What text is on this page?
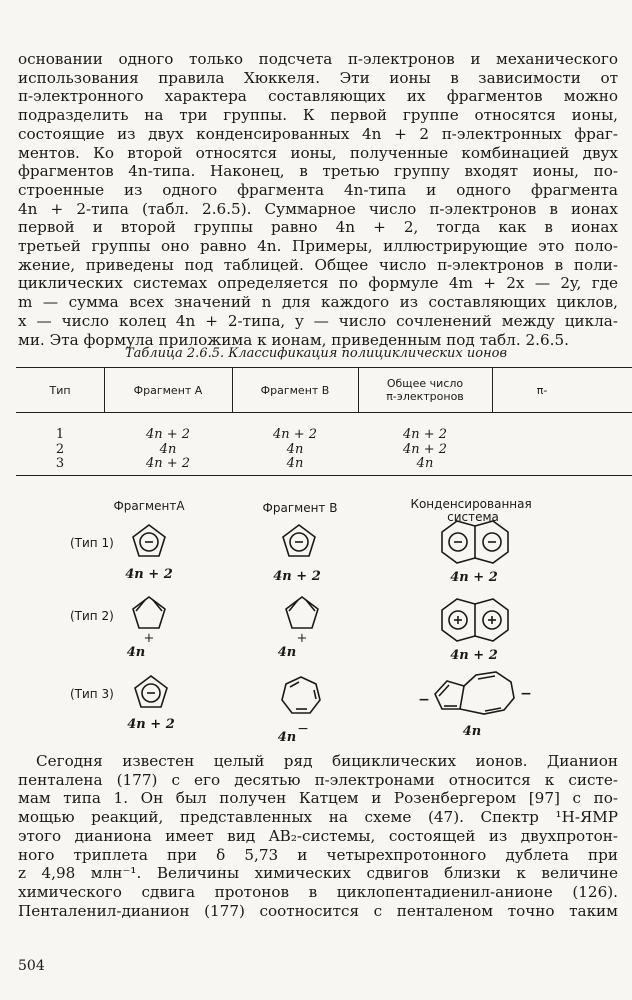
основании одного только подсчета π-электронов и механического
использования правила Хюккеля. Эти ионы в зависимости от
π-электронного характера составляющих их фрагментов можно
подразделить на три группы. К первой группе относятся ионы,
состоящие из двух конденсированных 4n + 2 π-электронных фраг-
ментов. Ко второй относятся ионы, полученные комбинацией двух
фрагментов 4n-типа. Наконец, в третью группу входят ионы, по-
строенные из одного фрагмента 4n-типа и одного фрагмента
4n + 2-типа (табл. 2.6.5). Суммарное число π-электронов в ионах
первой и второй группы равно 4n + 2, тогда как в ионах
третьей группы оно равно 4n. Примеры, иллюстрирующие это поло-
жение, приведены под таблицей. Общее число π-электронов в поли-
циклических системах определяется по формуле 4m + 2x — 2y, где
m — сумма всех значений n для каждого из составляющих циклов,
x — число колец 4n + 2-типа, y — число сочленений между цикла-
ми. Эта формула приложима к ионам, приведенным под табл. 2.6.5.
Таблица 2.6.5. Классификация полициклических ионов
Тип	Фрагмент A	Фрагмент B	Общее число
π-электронов	π-
1	4n + 2	4n + 2	4n + 2
2	4n	4n	4n + 2
3	4n + 2	4n	4n
ФрагментA	Фрагмент B	Конденсированная система
(Тип 1)
(Тип 2)
(Тип 3)
4n + 2	4n + 2	4n + 2
+
4n
+
4n	4n + 2
4n + 2	−
4n
−	−
4n
Сегодня известен целый ряд бициклических ионов. Дианион
пенталена (177) с его десятью π-электронами относится к систе-
мам типа 1. Он был получен Катцем и Розенбергером [97] с по-
мощью реакций, представленных на схеме (47). Спектр ¹H-ЯМР
этого дианиона имеет вид AB₂-системы, состоящей из двухпротон-
ного триплета при δ 5,73 и четырехпротонного дублета при
z 4,98 млн⁻¹. Величины химических сдвигов близки к величине
химического сдвига протонов в циклопентадиенил-анионе (126).
Пенталенил-дианион (177) соотносится с пенталеном точно таким
504
